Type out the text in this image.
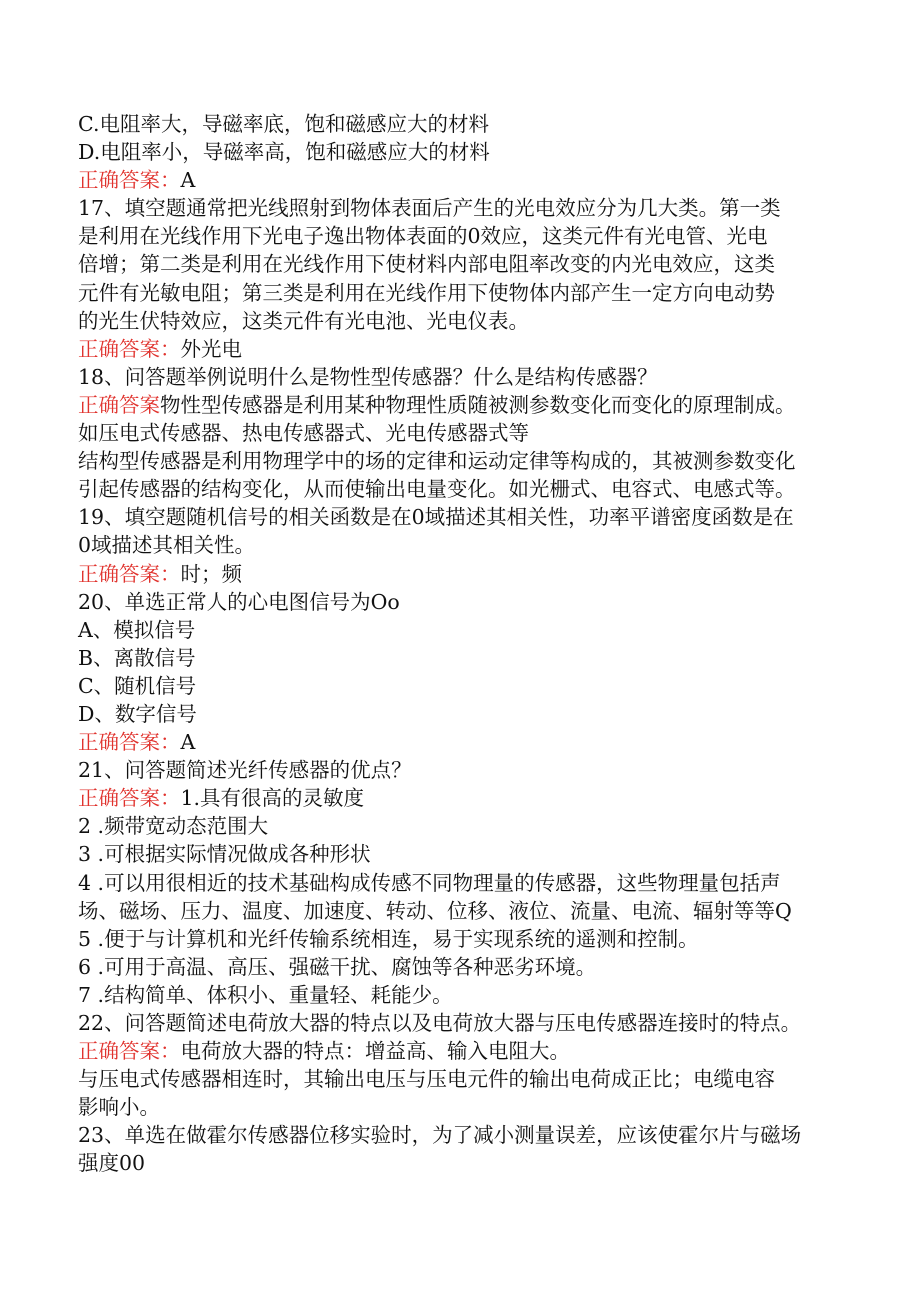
C.电阻率大，导磁率底，饱和磁感应大的材料
D.电阻率小，导磁率高，饱和磁感应大的材料
正确答案：A
17、填空题通常把光线照射到物体表面后产生的光电效应分为几大类。第一类
是利用在光线作用下光电子逸出物体表面的0效应，这类元件有光电管、光电
倍增；第二类是利用在光线作用下使材料内部电阻率改变的内光电效应，这类
元件有光敏电阻；第三类是利用在光线作用下使物体内部产生一定方向电动势
的光生伏特效应，这类元件有光电池、光电仪表。
正确答案：外光电
18、问答题举例说明什么是物性型传感器？什么是结构传感器？
正确答案物性型传感器是利用某种物理性质随被测参数变化而变化的原理制成。
如压电式传感器、热电传感器式、光电传感器式等
结构型传感器是利用物理学中的场的定律和运动定律等构成的，其被测参数变化
引起传感器的结构变化，从而使输出电量变化。如光栅式、电容式、电感式等。
19、填空题随机信号的相关函数是在0域描述其相关性，功率平谱密度函数是在
0域描述其相关性。
正确答案：时；频
20、单选正常人的心电图信号为Oo
A、模拟信号
B、离散信号
C、随机信号
D、数字信号
正确答案：A
21、问答题简述光纤传感器的优点？
正确答案：1.具有很高的灵敏度
2 .频带宽动态范围大
3 .可根据实际情况做成各种形状
4 .可以用很相近的技术基础构成传感不同物理量的传感器，这些物理量包括声
场、磁场、压力、温度、加速度、转动、位移、液位、流量、电流、辐射等等Q
5 .便于与计算机和光纤传输系统相连，易于实现系统的遥测和控制。
6 .可用于高温、高压、强磁干扰、腐蚀等各种恶劣环境。
7 .结构简单、体积小、重量轻、耗能少。
22、问答题简述电荷放大器的特点以及电荷放大器与压电传感器连接时的特点。
正确答案：电荷放大器的特点：增益高、输入电阻大。
与压电式传感器相连时，其输出电压与压电元件的输出电荷成正比；电缆电容
影响小。
23、单选在做霍尔传感器位移实验时，为了减小测量误差，应该使霍尔片与磁场
强度00
